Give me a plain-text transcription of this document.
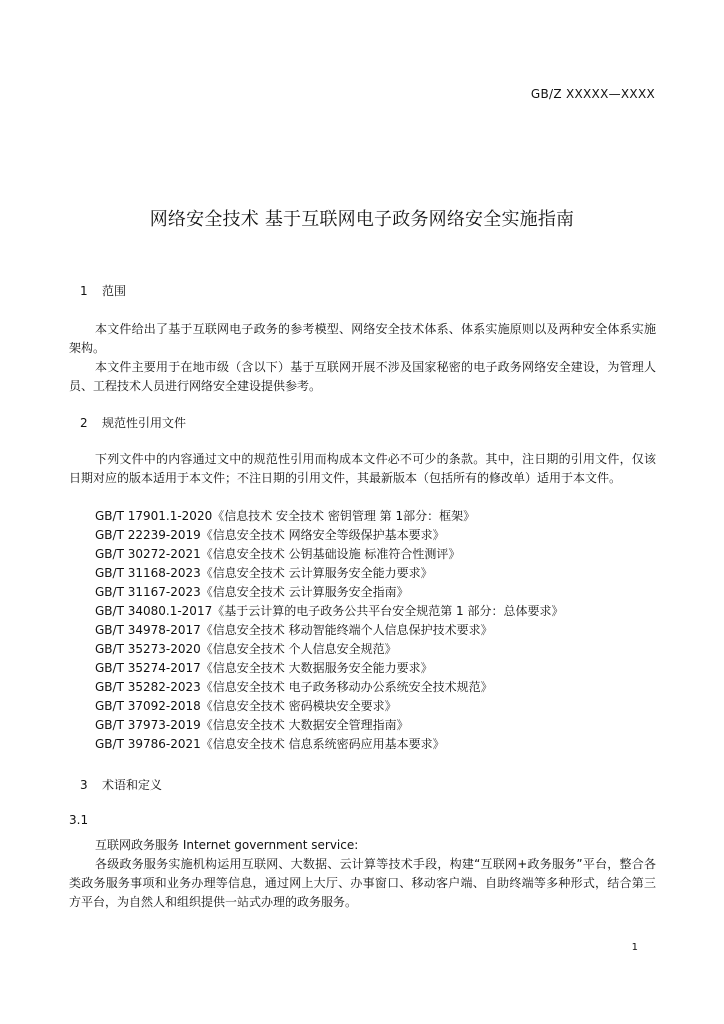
GB/Z XXXXX—XXXX
网络安全技术 基于互联网电子政务网络安全实施指南
1 范围
本文件给出了基于互联网电子政务的参考模型、网络安全技术体系、体系实施原则以及两种安全体系实施架构。
本文件主要用于在地市级（含以下）基于互联网开展不涉及国家秘密的电子政务网络安全建设，为管理人员、工程技术人员进行网络安全建设提供参考。
2 规范性引用文件
下列文件中的内容通过文中的规范性引用而构成本文件必不可少的条款。其中，注日期的引用文件，仅该日期对应的版本适用于本文件；不注日期的引用文件，其最新版本（包括所有的修改单）适用于本文件。
GB/T 17901.1-2020《信息技术 安全技术 密钥管理 第 1部分：框架》
GB/T 22239-2019《信息安全技术 网络安全等级保护基本要求》
GB/T 30272-2021《信息安全技术 公钥基础设施 标准符合性测评》
GB/T 31168-2023《信息安全技术 云计算服务安全能力要求》
GB/T 31167-2023《信息安全技术 云计算服务安全指南》
GB/T 34080.1-2017《基于云计算的电子政务公共平台安全规范第 1 部分：总体要求》
GB/T 34978-2017《信息安全技术 移动智能终端个人信息保护技术要求》
GB/T 35273-2020《信息安全技术 个人信息安全规范》
GB/T 35274-2017《信息安全技术 大数据服务安全能力要求》
GB/T 35282-2023《信息安全技术 电子政务移动办公系统安全技术规范》
GB/T 37092-2018《信息安全技术 密码模块安全要求》
GB/T 37973-2019《信息安全技术 大数据安全管理指南》
GB/T 39786-2021《信息安全技术 信息系统密码应用基本要求》
3 术语和定义
3.1
互联网政务服务 Internet government service:
各级政务服务实施机构运用互联网、大数据、云计算等技术手段，构建“互联网+政务服务”平台，整合各类政务服务事项和业务办理等信息，通过网上大厅、办事窗口、移动客户端、自助终端等多种形式，结合第三方平台，为自然人和组织提供一站式办理的政务服务。
1
